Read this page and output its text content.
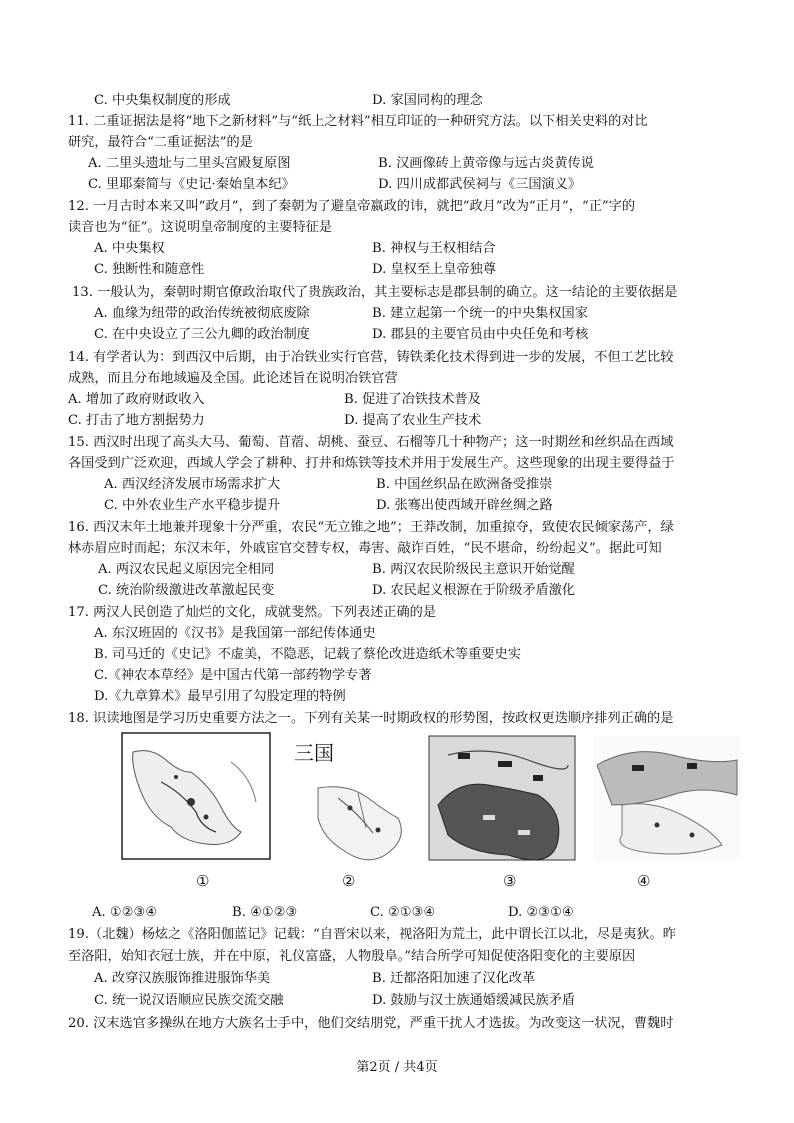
C. 中央集权制度的形成	D. 家国同构的理念
11. 二重证据法是将“地下之新材料”与“纸上之材料”相互印证的一种研究方法。以下相关史料的对比
研究，最符合“二重证据法”的是
A. 二里头遗址与二里头宫殿复原图	B. 汉画像砖上黄帝像与远古炎黄传说
C. 里耶秦简与《史记·秦始皇本纪》	D. 四川成都武侯祠与《三国演义》
12. 一月古时本来又叫“政月”，到了秦朝为了避皇帝嬴政的讳，就把“政月”改为“正月”，“正”字的
读音也为“征”。这说明皇帝制度的主要特征是
A. 中央集权	B. 神权与王权相结合
C. 独断性和随意性	D. 皇权至上皇帝独尊
13. 一般认为，秦朝时期官僚政治取代了贵族政治，其主要标志是郡县制的确立。这一结论的主要依据是
A. 血缘为纽带的政治传统被彻底废除	B. 建立起第一个统一的中央集权国家
C. 在中央设立了三公九卿的政治制度	D. 郡县的主要官员由中央任免和考核
14. 有学者认为：到西汉中后期，由于冶铁业实行官营，铸铁柔化技术得到进一步的发展，不但工艺比较
成熟，而且分布地域遍及全国。此论述旨在说明冶铁官营
A. 增加了政府财政收入	B. 促进了冶铁技术普及
C. 打击了地方割据势力	D. 提高了农业生产技术
15. 西汉时出现了高头大马、葡萄、苜蓿、胡桃、蚕豆、石榴等几十种物产；这一时期丝和丝织品在西域
各国受到广泛欢迎，西域人学会了耕种、打井和炼铁等技术并用于发展生产。这些现象的出现主要得益于
A. 西汉经济发展市场需求扩大	B. 中国丝织品在欧洲备受推崇
C. 中外农业生产水平稳步提升	D. 张骞出使西域开辟丝绸之路
16. 西汉末年土地兼并现象十分严重，农民“无立锥之地”；王莽改制，加重掠夺，致使农民倾家荡产，绿
林赤眉应时而起；东汉末年，外戚宦官交替专权，毒害、敲诈百姓，“民不堪命，纷纷起义”。据此可知
A. 两汉农民起义原因完全相同	B. 两汉农民阶级民主意识开始觉醒
C. 统治阶级激进改革激起民变	D. 农民起义根源在于阶级矛盾激化
17. 两汉人民创造了灿烂的文化，成就斐然。下列表述正确的是
A. 东汉班固的《汉书》是我国第一部纪传体通史
B. 司马迁的《史记》不虚美，不隐恶，记载了蔡伦改进造纸术等重要史实
C.《神农本草经》是中国古代第一部药物学专著
D.《九章算术》最早引用了勾股定理的特例
18. 识读地图是学习历史重要方法之一。下列有关某一时期政权的形势图，按政权更迭顺序排列正确的是
三国
①	②	③	④
A. ①②③④	B. ④①②③	C. ②①③④	D. ②③①④
19.（北魏）杨炫之《洛阳伽蓝记》记载：“自晋宋以来，视洛阳为荒土，此中谓长江以北，尽是夷狄。昨
至洛阳，始知衣冠士族，并在中原，礼仪富盛，人物殷阜。”结合所学可知促使洛阳变化的主要原因
A. 改穿汉族服饰推进服饰华美	B. 迁都洛阳加速了汉化改革
C. 统一说汉语顺应民族交流交融	D. 鼓励与汉士族通婚缓减民族矛盾
20. 汉末选官多操纵在地方大族名士手中，他们交结朋党，严重干扰人才选拔。为改变这一状况，曹魏时
第2页 / 共4页
